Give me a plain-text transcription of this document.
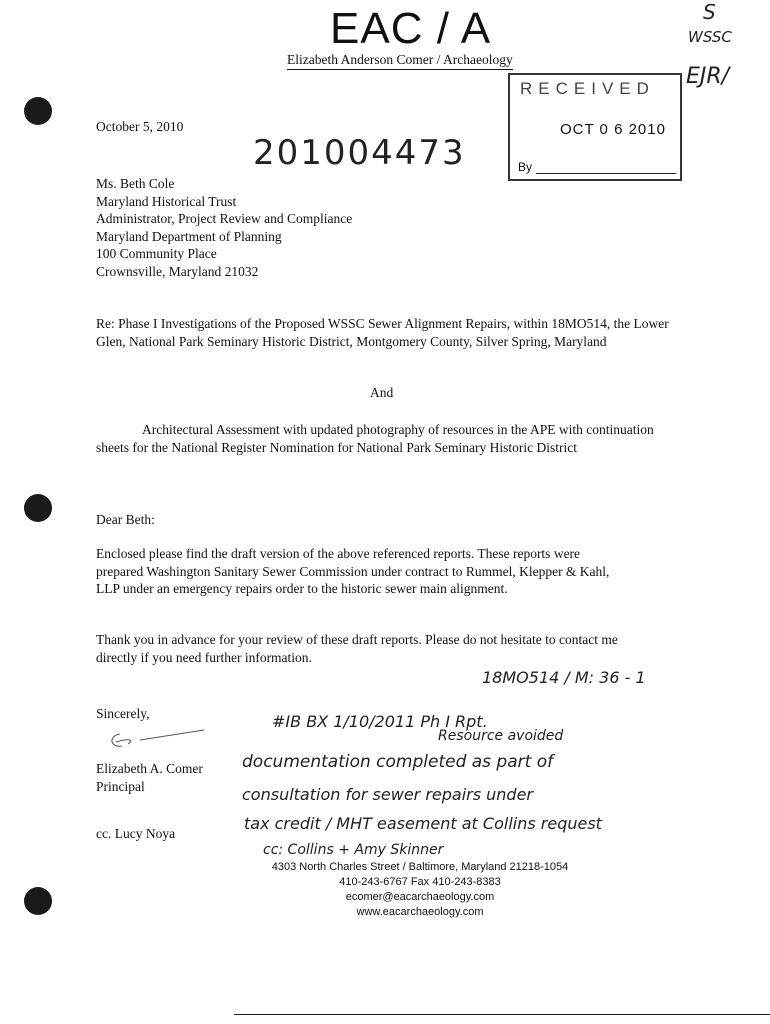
EAC / A
Elizabeth Anderson Comer / Archaeology
S
WSSC
EJR/
RECEIVED
OCT 0 6 2010
By
October 5, 2010
201004473
Ms. Beth Cole
Maryland Historical Trust
Administrator, Project Review and Compliance
Maryland Department of Planning
100 Community Place
Crownsville, Maryland 21032
Re: Phase I Investigations of the Proposed WSSC Sewer Alignment Repairs, within 18MO514, the Lower Glen, National Park Seminary Historic District, Montgomery County, Silver Spring, Maryland
And
Architectural Assessment with updated photography of resources in the APE with continuation sheets for the National Register Nomination for National Park Seminary Historic District
Dear Beth:
Enclosed please find the draft version of the above referenced reports. These reports were prepared Washington Sanitary Sewer Commission under contract to Rummel, Klepper & Kahl, LLP under an emergency repairs order to the historic sewer main alignment.
Thank you in advance for your review of these draft reports. Please do not hesitate to contact me directly if you need further information.
Sincerely,
Elizabeth A. Comer
Principal
cc. Lucy Noya
18MO514 / M: 36 - 1
#IB BX 1/10/2011 Ph I Rpt.
Resource avoided
documentation completed as part of
consultation for sewer repairs under
tax credit / MHT easement at Collins request
cc: Collins + Amy Skinner
4303 North Charles Street / Baltimore, Maryland 21218-1054
410-243-6767 Fax 410-243-8383
ecomer@eacarchaeology.com
www.eacarchaeology.com
